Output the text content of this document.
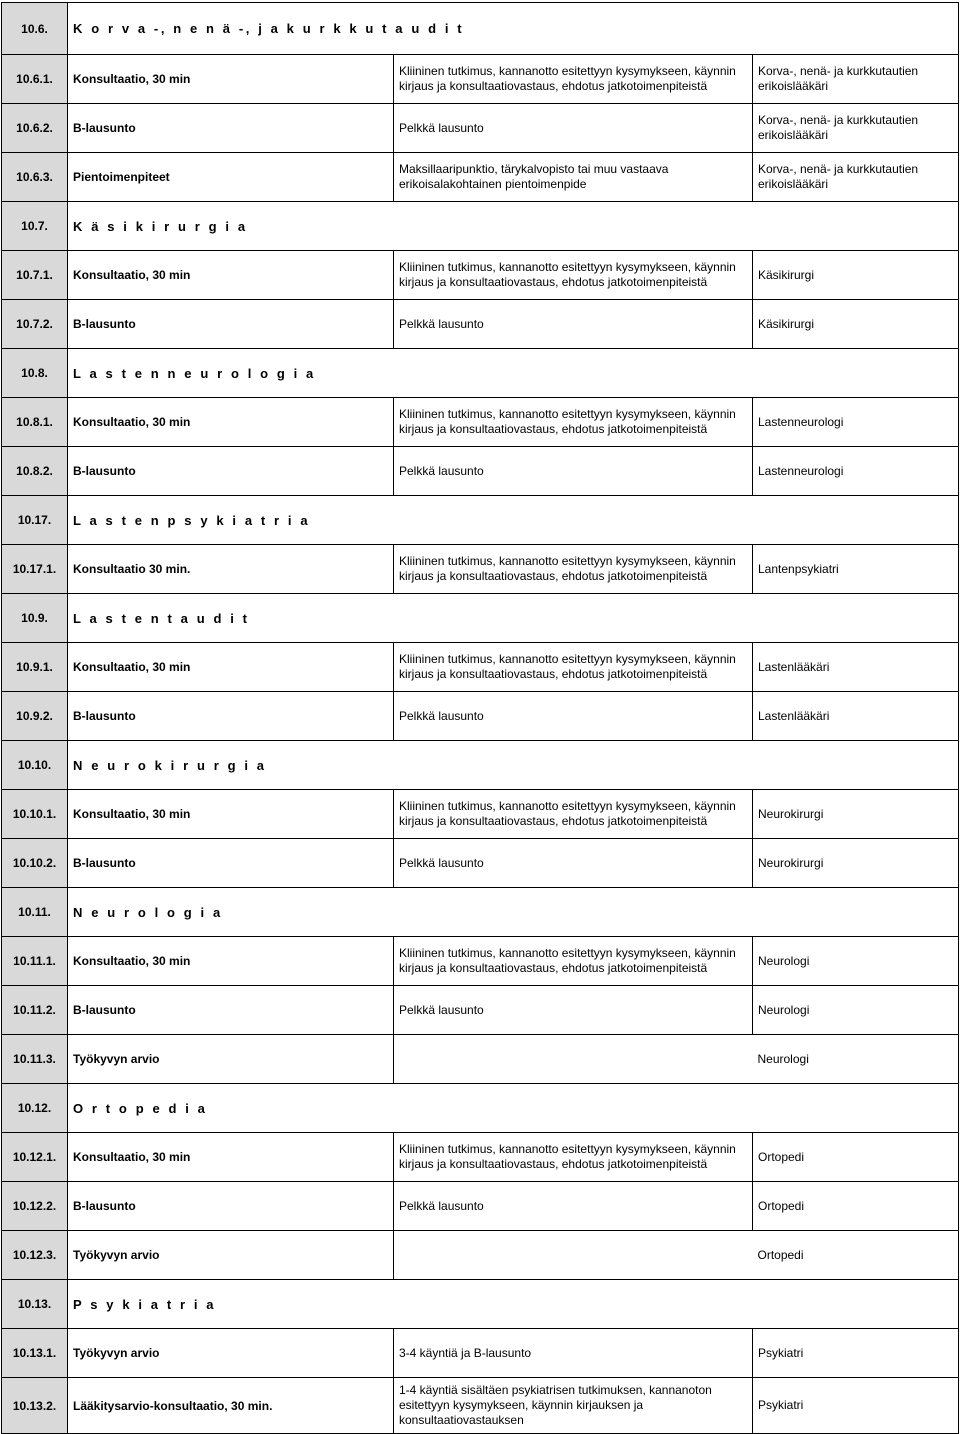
10.6.	K o r v a -, n e n ä -, j a k u r k k u t a u d i t		
10.6.1.	Konsultaatio, 30 min	Kliininen tutkimus, kannanotto esitettyyn kysymykseen, käynnin kirjaus ja konsultaatiovastaus, ehdotus jatkotoimenpiteistä	Korva-, nenä- ja kurkkutautien erikoislääkäri
10.6.2.	B-lausunto	Pelkkä lausunto	Korva-, nenä- ja kurkkutautien erikoislääkäri
10.6.3.	Pientoimenpiteet	Maksillaaripunktio, tärykalvopisto tai muu vastaava erikoisalakohtainen pientoimenpide	Korva-, nenä- ja kurkkutautien erikoislääkäri
10.7.	K ä s i k i r u r g i a		
10.7.1.	Konsultaatio, 30 min	Kliininen tutkimus, kannanotto esitettyyn kysymykseen, käynnin kirjaus ja konsultaatiovastaus, ehdotus jatkotoimenpiteistä	Käsikirurgi
10.7.2.	B-lausunto	Pelkkä lausunto	Käsikirurgi
10.8.	L a s t e n n e u r o l o g i a		
10.8.1.	Konsultaatio, 30 min	Kliininen tutkimus, kannanotto esitettyyn kysymykseen, käynnin kirjaus ja konsultaatiovastaus, ehdotus jatkotoimenpiteistä	Lastenneurologi
10.8.2.	B-lausunto	Pelkkä lausunto	Lastenneurologi
10.17.	L a s t e n p s y k i a t r i a		
10.17.1.	Konsultaatio 30 min.	Kliininen tutkimus, kannanotto esitettyyn kysymykseen, käynnin kirjaus ja konsultaatiovastaus, ehdotus jatkotoimenpiteistä	Lantenpsykiatri
10.9.	L a s t e n t a u d i t		
10.9.1.	Konsultaatio, 30 min	Kliininen tutkimus, kannanotto esitettyyn kysymykseen, käynnin kirjaus ja konsultaatiovastaus, ehdotus jatkotoimenpiteistä	Lastenlääkäri
10.9.2.	B-lausunto	Pelkkä lausunto	Lastenlääkäri
10.10.	N e u r o k i r u r g i a		
10.10.1.	Konsultaatio, 30 min	Kliininen tutkimus, kannanotto esitettyyn kysymykseen, käynnin kirjaus ja konsultaatiovastaus, ehdotus jatkotoimenpiteistä	Neurokirurgi
10.10.2.	B-lausunto	Pelkkä lausunto	Neurokirurgi
10.11.	N e u r o l o g i a		
10.11.1.	Konsultaatio, 30 min	Kliininen tutkimus, kannanotto esitettyyn kysymykseen, käynnin kirjaus ja konsultaatiovastaus, ehdotus jatkotoimenpiteistä	Neurologi
10.11.2.	B-lausunto	Pelkkä lausunto	Neurologi
10.11.3.	Työkyvyn arvio		Neurologi
10.12.	O r t o p e d i a		
10.12.1.	Konsultaatio, 30 min	Kliininen tutkimus, kannanotto esitettyyn kysymykseen, käynnin kirjaus ja konsultaatiovastaus, ehdotus jatkotoimenpiteistä	Ortopedi
10.12.2.	B-lausunto	Pelkkä lausunto	Ortopedi
10.12.3.	Työkyvyn arvio		Ortopedi
10.13.	P s y k i a t r i a		
10.13.1.	Työkyvyn arvio	3-4 käyntiä ja B-lausunto	Psykiatri
10.13.2.	Lääkitysarvio-konsultaatio, 30 min.	1-4 käyntiä sisältäen psykiatrisen tutkimuksen, kannanoton esitettyyn kysymykseen, käynnin kirjauksen ja konsultaatiovastauksen	Psykiatri
